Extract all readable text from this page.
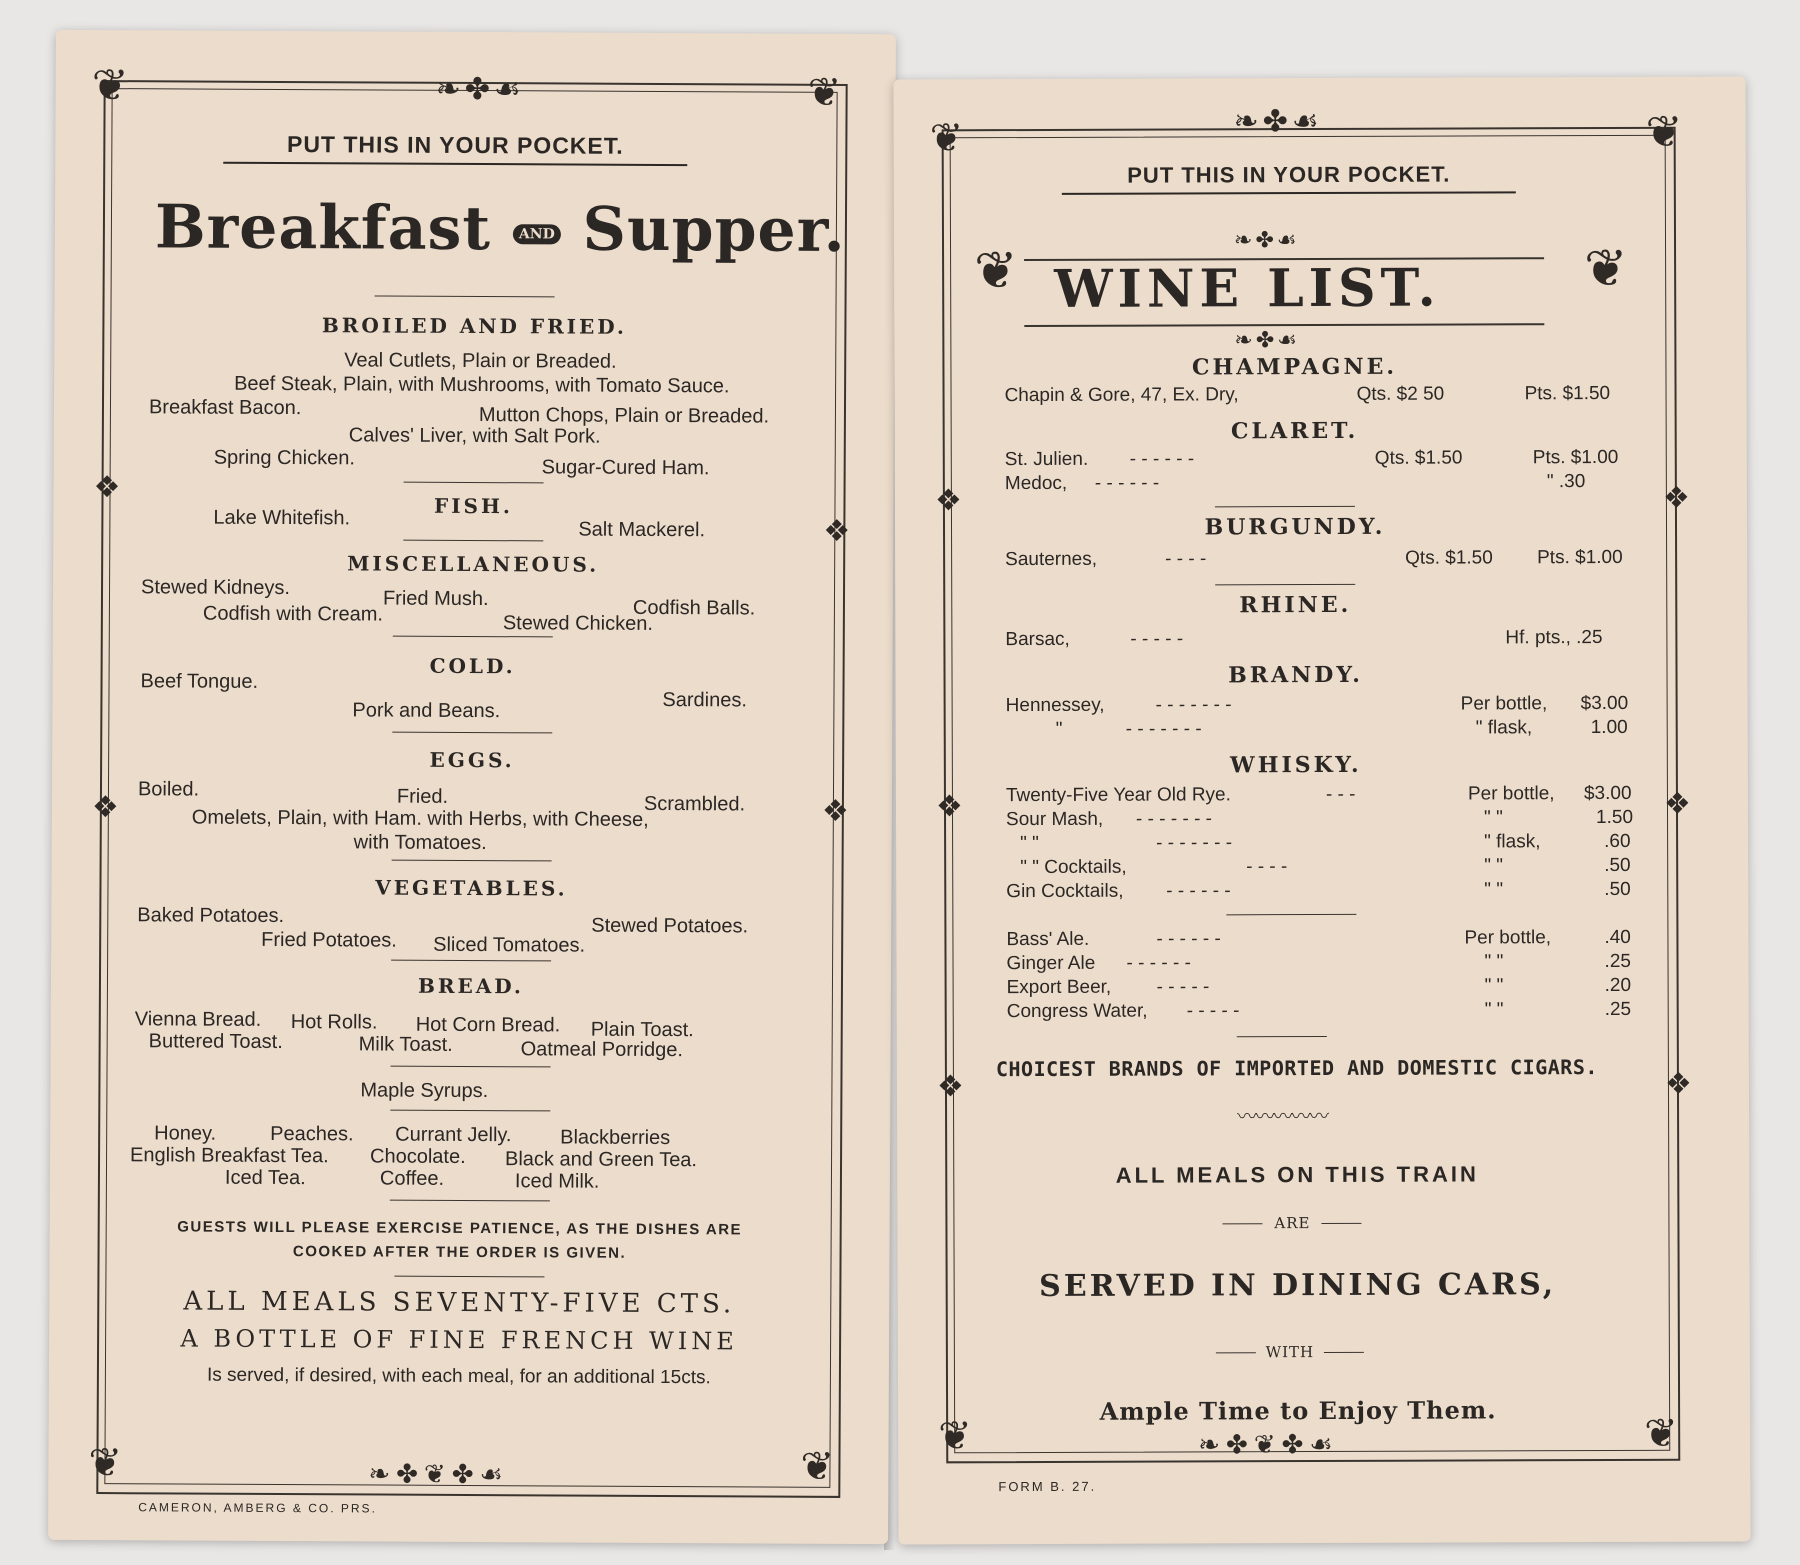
❦	❦
❦	❦
❧✤☙
❧✤❦✤☙
❖
❖
❖	❖
PUT THIS IN YOUR POCKET.
Breakfast AND Supper.
BROILED AND FRIED.
Veal Cutlets, Plain or Breaded.
Beef Steak, Plain, with Mushrooms, with Tomato Sauce.
Breakfast Bacon.	Mutton Chops, Plain or Breaded.
Calves' Liver, with Salt Pork.
Spring Chicken.	Sugar-Cured Ham.
FISH.
Lake Whitefish.
Salt Mackerel.
MISCELLANEOUS.
Stewed Kidneys.	Fried Mush.	Codfish Balls.
Codfish with Cream.	Stewed Chicken.
COLD.
Beef Tongue.
Sardines.
Pork and Beans.
EGGS.
Boiled.	Fried.	Scrambled.
Omelets, Plain, with Ham. with Herbs, with Cheese,
with Tomatoes.
VEGETABLES.
Baked Potatoes.	Stewed Potatoes.
Fried Potatoes. Sliced Tomatoes.
BREAD.
Vienna Bread. Hot Rolls. Hot Corn Bread. Plain Toast.
Buttered Toast.	Milk Toast.	Oatmeal Porridge.
Maple Syrups.
Honey.	Peaches. Currant Jelly. Blackberries
English Breakfast Tea. Chocolate. Black and Green Tea.
Iced Tea.	Coffee.	Iced Milk.
GUESTS WILL PLEASE EXERCISE PATIENCE, AS THE DISHES ARE
COOKED AFTER THE ORDER IS GIVEN.
ALL MEALS SEVENTY-FIVE CTS.
A BOTTLE OF FINE FRENCH WINE
Is served, if desired, with each meal, for an additional 15cts.
CAMERON, AMBERG & CO. PRS.
❦	❦
❦	❦
❧✤☙
❧✤❦✤☙
❖	❖
❖	❖
❖	❖
PUT THIS IN YOUR POCKET.
❧✤☙
❦	❦
WINE LIST.
❧✤☙
CHAMPAGNE.
Chapin & Gore, 47, Ex. Dry,	Qts. $2 50	Pts. $1.50
CLARET.
St. Julien. - - - - - -	Qts. $1.50	Pts. $1.00
Medoc, - - - - - -	" .30
BURGUNDY.
Sauternes,	- - - -	Qts. $1.50 Pts. $1.00
RHINE.
Barsac,	- - - - -	Hf. pts., .25
BRANDY.
Hennessey,	- - - - - - -	Per bottle, $3.00
"	- - - - - - -	" flask,	1.00
WHISKY.
Twenty-Five Year Old Rye.	- - -	Per bottle, $3.00
Sour Mash, - - - - - - -	" "	1.50
" "	- - - - - - -	" flask,	.60
" " Cocktails,	- - - -	" "	.50
Gin Cocktails, - - - - - -	" "	.50
Bass' Ale.	- - - - - -	Per bottle,	.40
Ginger Ale - - - - - -	" "	.25
Export Beer, - - - - -	" "	.20
Congress Water, - - - - -	" "	.25
CHOICEST BRANDS OF IMPORTED AND DOMESTIC CIGARS.
〰〰〰〰〰
ALL MEALS ON THIS TRAIN
ARE
SERVED IN DINING CARS,
WITH
Ample Time to Enjoy Them.
FORM B. 27.
